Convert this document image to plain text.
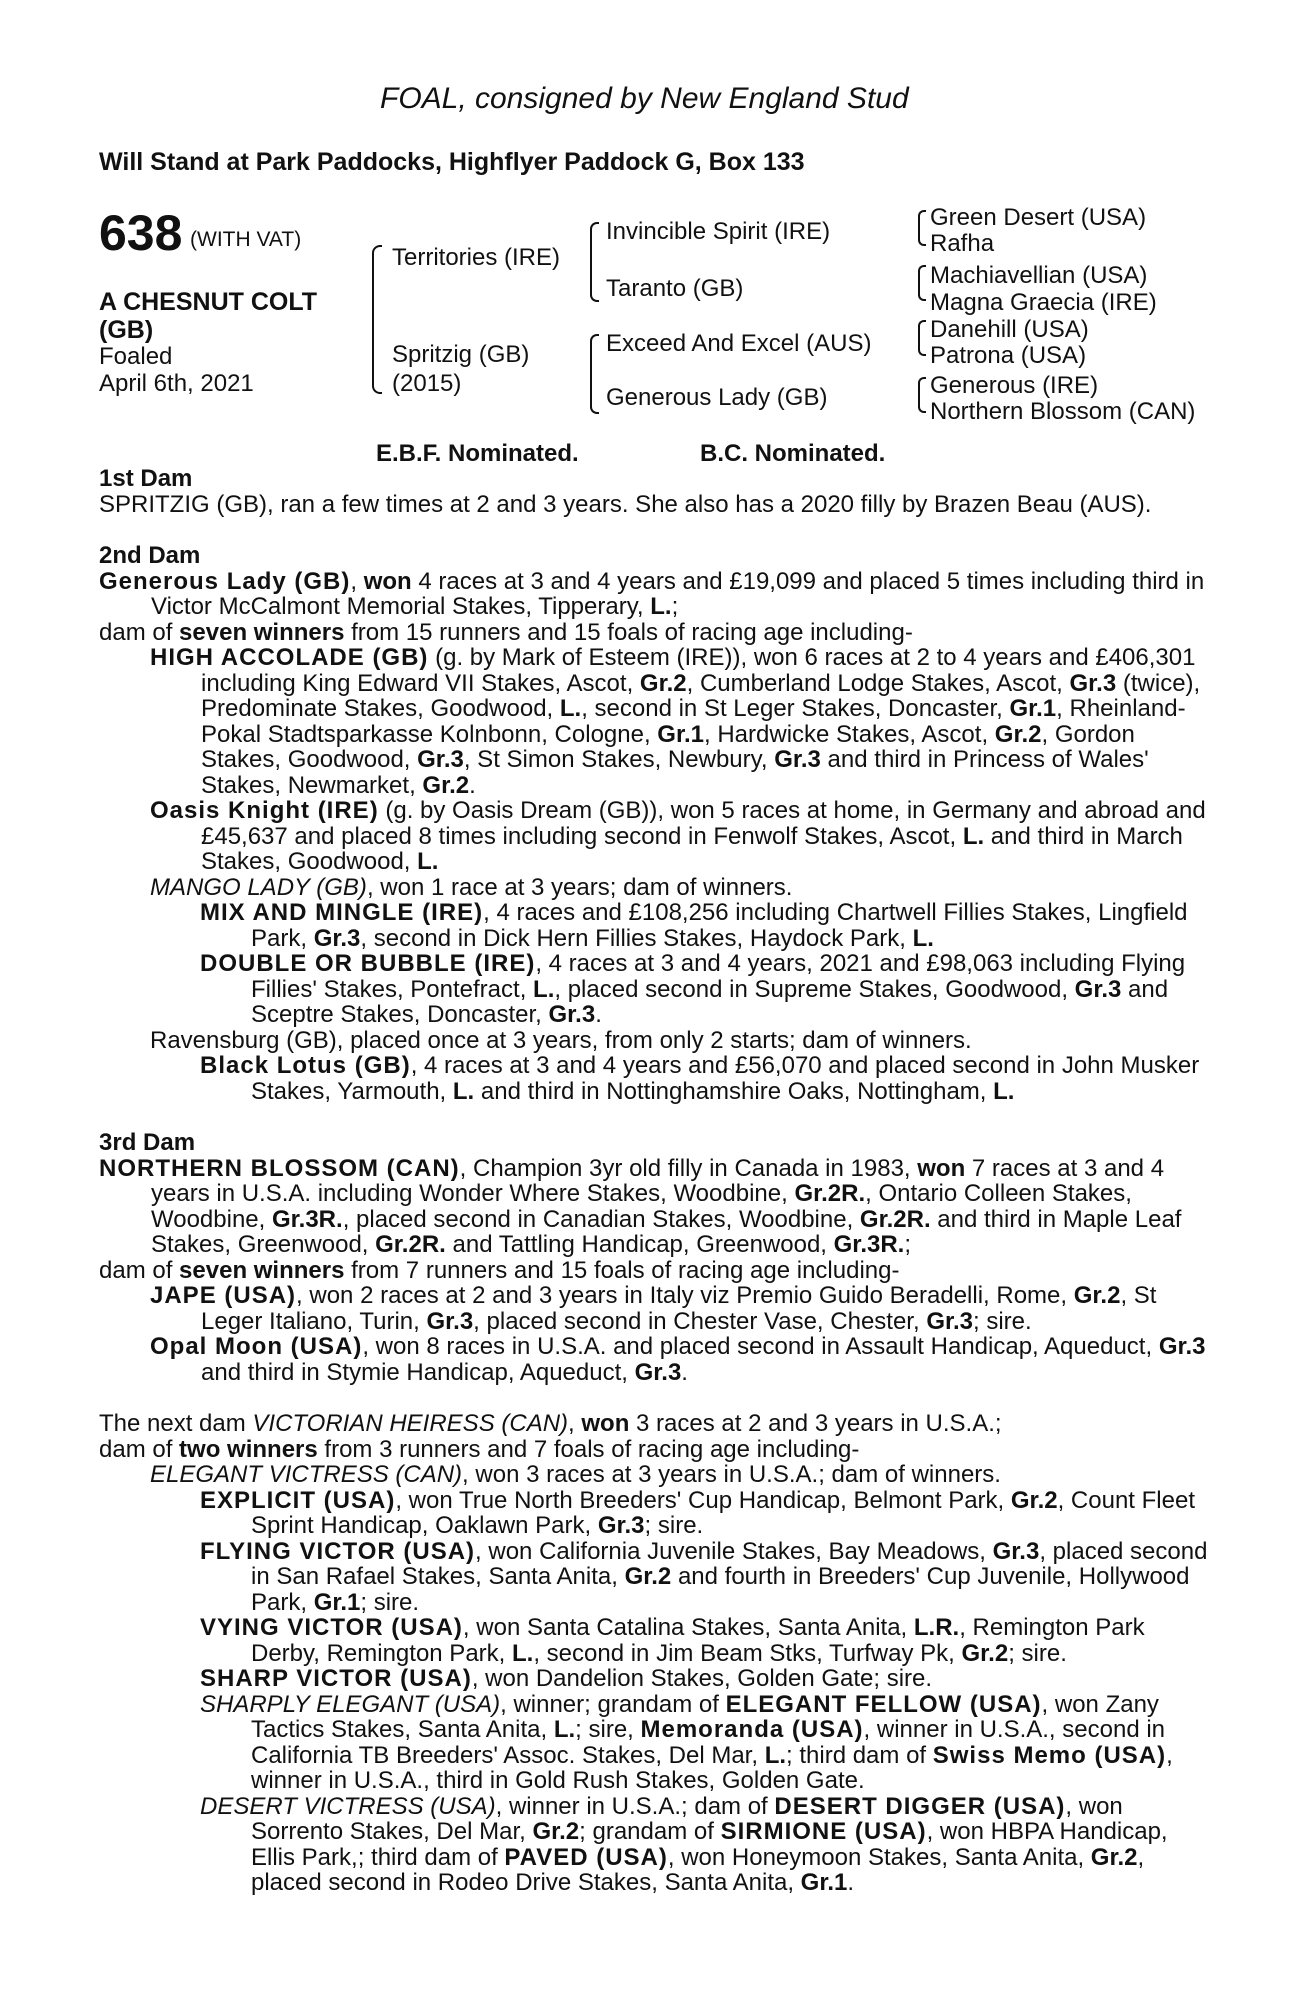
FOAL, consigned by New England Stud
Will Stand at Park Paddocks, Highflyer Paddock G, Box 133
638 (WITH VAT)
A CHESNUT COLT
(GB)
Foaled
April 6th, 2021
Territories (IRE)
Spritzig (GB)
(2015)
Invincible Spirit (IRE)
Taranto (GB)
Exceed And Excel (AUS)
Generous Lady (GB)
Green Desert (USA)
Rafha
Machiavellian (USA)
Magna Graecia (IRE)
Danehill (USA)
Patrona (USA)
Generous (IRE)
Northern Blossom (CAN)
E.B.F. Nominated.	B.C. Nominated.

1st Dam

SPRITZIG (GB), ran a few times at 2 and 3 years. She also has a 2020 filly by Brazen Beau (AUS).

2nd Dam

Generous Lady (GB), won 4 races at 3 and 4 years and £19,099 and placed 5 times including third in Victor McCalmont Memorial Stakes, Tipperary, L.;

dam of seven winners from 15 runners and 15 foals of racing age including-

HIGH ACCOLADE (GB) (g. by Mark of Esteem (IRE)), won 6 races at 2 to 4 years and £406,301 including King Edward VII Stakes, Ascot, Gr.2, Cumberland Lodge Stakes, Ascot, Gr.3 (twice), Predominate Stakes, Goodwood, L., second in St Leger Stakes, Doncaster, Gr.1, Rheinland-Pokal Stadtsparkasse Kolnbonn, Cologne, Gr.1, Hardwicke Stakes, Ascot, Gr.2, Gordon Stakes, Goodwood, Gr.3, St Simon Stakes, Newbury, Gr.3 and third in Princess of Wales' Stakes, Newmarket, Gr.2.

Oasis Knight (IRE) (g. by Oasis Dream (GB)), won 5 races at home, in Germany and abroad and £45,637 and placed 8 times including second in Fenwolf Stakes, Ascot, L. and third in March Stakes, Goodwood, L.

MANGO LADY (GB), won 1 race at 3 years; dam of winners.

MIX AND MINGLE (IRE), 4 races and £108,256 including Chartwell Fillies Stakes, Lingfield Park, Gr.3, second in Dick Hern Fillies Stakes, Haydock Park, L.

DOUBLE OR BUBBLE (IRE), 4 races at 3 and 4 years, 2021 and £98,063 including Flying Fillies' Stakes, Pontefract, L., placed second in Supreme Stakes, Goodwood, Gr.3 and Sceptre Stakes, Doncaster, Gr.3.

Ravensburg (GB), placed once at 3 years, from only 2 starts; dam of winners.

Black Lotus (GB), 4 races at 3 and 4 years and £56,070 and placed second in John Musker Stakes, Yarmouth, L. and third in Nottinghamshire Oaks, Nottingham, L.

3rd Dam

NORTHERN BLOSSOM (CAN), Champion 3yr old filly in Canada in 1983, won 7 races at 3 and 4 years in U.S.A. including Wonder Where Stakes, Woodbine, Gr.2R., Ontario Colleen Stakes, Woodbine, Gr.3R., placed second in Canadian Stakes, Woodbine, Gr.2R. and third in Maple Leaf Stakes, Greenwood, Gr.2R. and Tattling Handicap, Greenwood, Gr.3R.;

dam of seven winners from 7 runners and 15 foals of racing age including-

JAPE (USA), won 2 races at 2 and 3 years in Italy viz Premio Guido Beradelli, Rome, Gr.2, St Leger Italiano, Turin, Gr.3, placed second in Chester Vase, Chester, Gr.3; sire.

Opal Moon (USA), won 8 races in U.S.A. and placed second in Assault Handicap, Aqueduct, Gr.3 and third in Stymie Handicap, Aqueduct, Gr.3.

The next dam VICTORIAN HEIRESS (CAN), won 3 races at 2 and 3 years in U.S.A.;

dam of two winners from 3 runners and 7 foals of racing age including-

ELEGANT VICTRESS (CAN), won 3 races at 3 years in U.S.A.; dam of winners.

EXPLICIT (USA), won True North Breeders' Cup Handicap, Belmont Park, Gr.2, Count Fleet Sprint Handicap, Oaklawn Park, Gr.3; sire.

FLYING VICTOR (USA), won California Juvenile Stakes, Bay Meadows, Gr.3, placed second in San Rafael Stakes, Santa Anita, Gr.2 and fourth in Breeders' Cup Juvenile, Hollywood Park, Gr.1; sire.

VYING VICTOR (USA), won Santa Catalina Stakes, Santa Anita, L.R., Remington Park Derby, Remington Park, L., second in Jim Beam Stks, Turfway Pk, Gr.2; sire.

SHARP VICTOR (USA), won Dandelion Stakes, Golden Gate; sire.

SHARPLY ELEGANT (USA), winner; grandam of ELEGANT FELLOW (USA), won Zany Tactics Stakes, Santa Anita, L.; sire, Memoranda (USA), winner in U.S.A., second in California TB Breeders' Assoc. Stakes, Del Mar, L.; third dam of Swiss Memo (USA), winner in U.S.A., third in Gold Rush Stakes, Golden Gate.

DESERT VICTRESS (USA), winner in U.S.A.; dam of DESERT DIGGER (USA), won Sorrento Stakes, Del Mar, Gr.2; grandam of SIRMIONE (USA), won HBPA Handicap, Ellis Park,; third dam of PAVED (USA), won Honeymoon Stakes, Santa Anita, Gr.2, placed second in Rodeo Drive Stakes, Santa Anita, Gr.1.
